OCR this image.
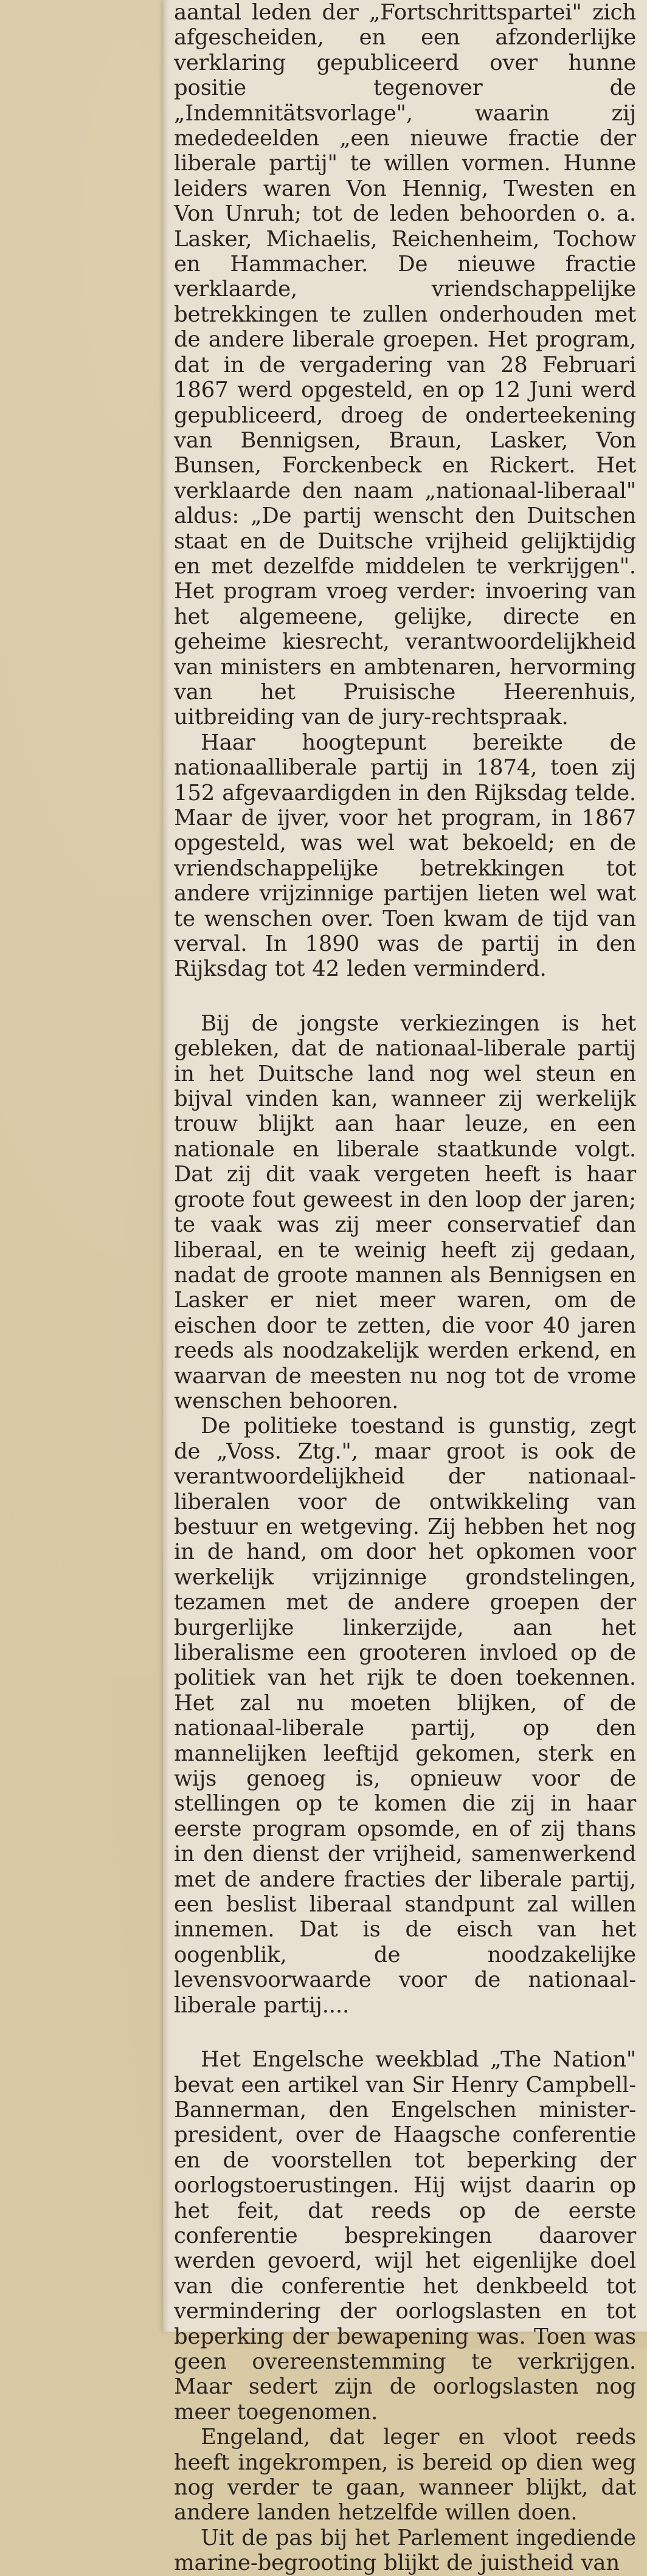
aantal leden der „Fortschrittspartei" zich afgescheiden, en een afzonderlijke verklaring gepubliceerd over hunne positie tegenover de „Indemnitätsvorlage", waarin zij mededeelden „een nieuwe fractie der liberale partij" te willen vormen. Hunne leiders waren Von Hennig, Twesten en Von Unruh; tot de leden behoorden o. a. Lasker, Michaelis, Reichenheim, Tochow en Hammacher. De nieuwe fractie verklaarde, vriendschappelijke betrekkingen te zullen onderhouden met de andere liberale groepen. Het program, dat in de vergadering van 28 Februari 1867 werd opgesteld, en op 12 Juni werd gepubliceerd, droeg de onderteekening van Bennigsen, Braun, Lasker, Von Bunsen, Forckenbeck en Rickert. Het verklaarde den naam „nationaal-liberaal" aldus: „De partij wenscht den Duitschen staat en de Duitsche vrijheid gelijktijdig en met dezelfde middelen te verkrijgen". Het program vroeg verder: invoering van het algemeene, gelijke, directe en geheime kiesrecht, verantwoordelijkheid van ministers en ambtenaren, hervorming van het Pruisische Heerenhuis, uitbreiding van de jury-rechtspraak.

Haar hoogtepunt bereikte de nationaalliberale partij in 1874, toen zij 152 afgevaardigden in den Rijksdag telde. Maar de ijver, voor het program, in 1867 opgesteld, was wel wat bekoeld; en de vriendschappelijke betrekkingen tot andere vrijzinnige partijen lieten wel wat te wenschen over. Toen kwam de tijd van verval. In 1890 was de partij in den Rijksdag tot 42 leden verminderd.

Bij de jongste verkiezingen is het gebleken, dat de nationaal-liberale partij in het Duitsche land nog wel steun en bijval vinden kan, wanneer zij werkelijk trouw blijkt aan haar leuze, en een nationale en liberale staatkunde volgt. Dat zij dit vaak vergeten heeft is haar groote fout geweest in den loop der jaren; te vaak was zij meer conservatief dan liberaal, en te weinig heeft zij gedaan, nadat de groote mannen als Bennigsen en Lasker er niet meer waren, om de eischen door te zetten, die voor 40 jaren reeds als noodzakelijk werden erkend, en waarvan de meesten nu nog tot de vrome wenschen behooren.

De politieke toestand is gunstig, zegt de „Voss. Ztg.", maar groot is ook de verantwoordelijkheid der nationaal-liberalen voor de ontwikkeling van bestuur en wetgeving. Zij hebben het nog in de hand, om door het opkomen voor werkelijk vrijzinnige grondstelingen, tezamen met de andere groepen der burgerlijke linkerzijde, aan het liberalisme een grooteren invloed op de politiek van het rijk te doen toekennen. Het zal nu moeten blijken, of de nationaal-liberale partij, op den mannelijken leeftijd gekomen, sterk en wijs genoeg is, opnieuw voor de stellingen op te komen die zij in haar eerste program opsomde, en of zij thans in den dienst der vrijheid, samenwerkend met de andere fracties der liberale partij, een beslist liberaal standpunt zal willen innemen. Dat is de eisch van het oogenblik, de noodzakelijke levensvoorwaarde voor de nationaal-liberale partij....

Het Engelsche weekblad „The Nation" bevat een artikel van Sir Henry Campbell-Bannerman, den Engelschen minister-president, over de Haagsche conferentie en de voorstellen tot beperking der oorlogstoerustingen. Hij wijst daarin op het feit, dat reeds op de eerste conferentie besprekingen daarover werden gevoerd, wijl het eigenlijke doel van die conferentie het denkbeeld tot vermindering der oorlogslasten en tot beperking der bewapening was. Toen was geen overeenstemming te verkrijgen. Maar sedert zijn de oorlogslasten nog meer toegenomen.

Engeland, dat leger en vloot reeds heeft ingekrompen, is bereid op dien weg nog verder te gaan, wanneer blijkt, dat andere landen hetzelfde willen doen.

Uit de pas bij het Parlement ingediende marine-begrooting blijkt de juistheid van
